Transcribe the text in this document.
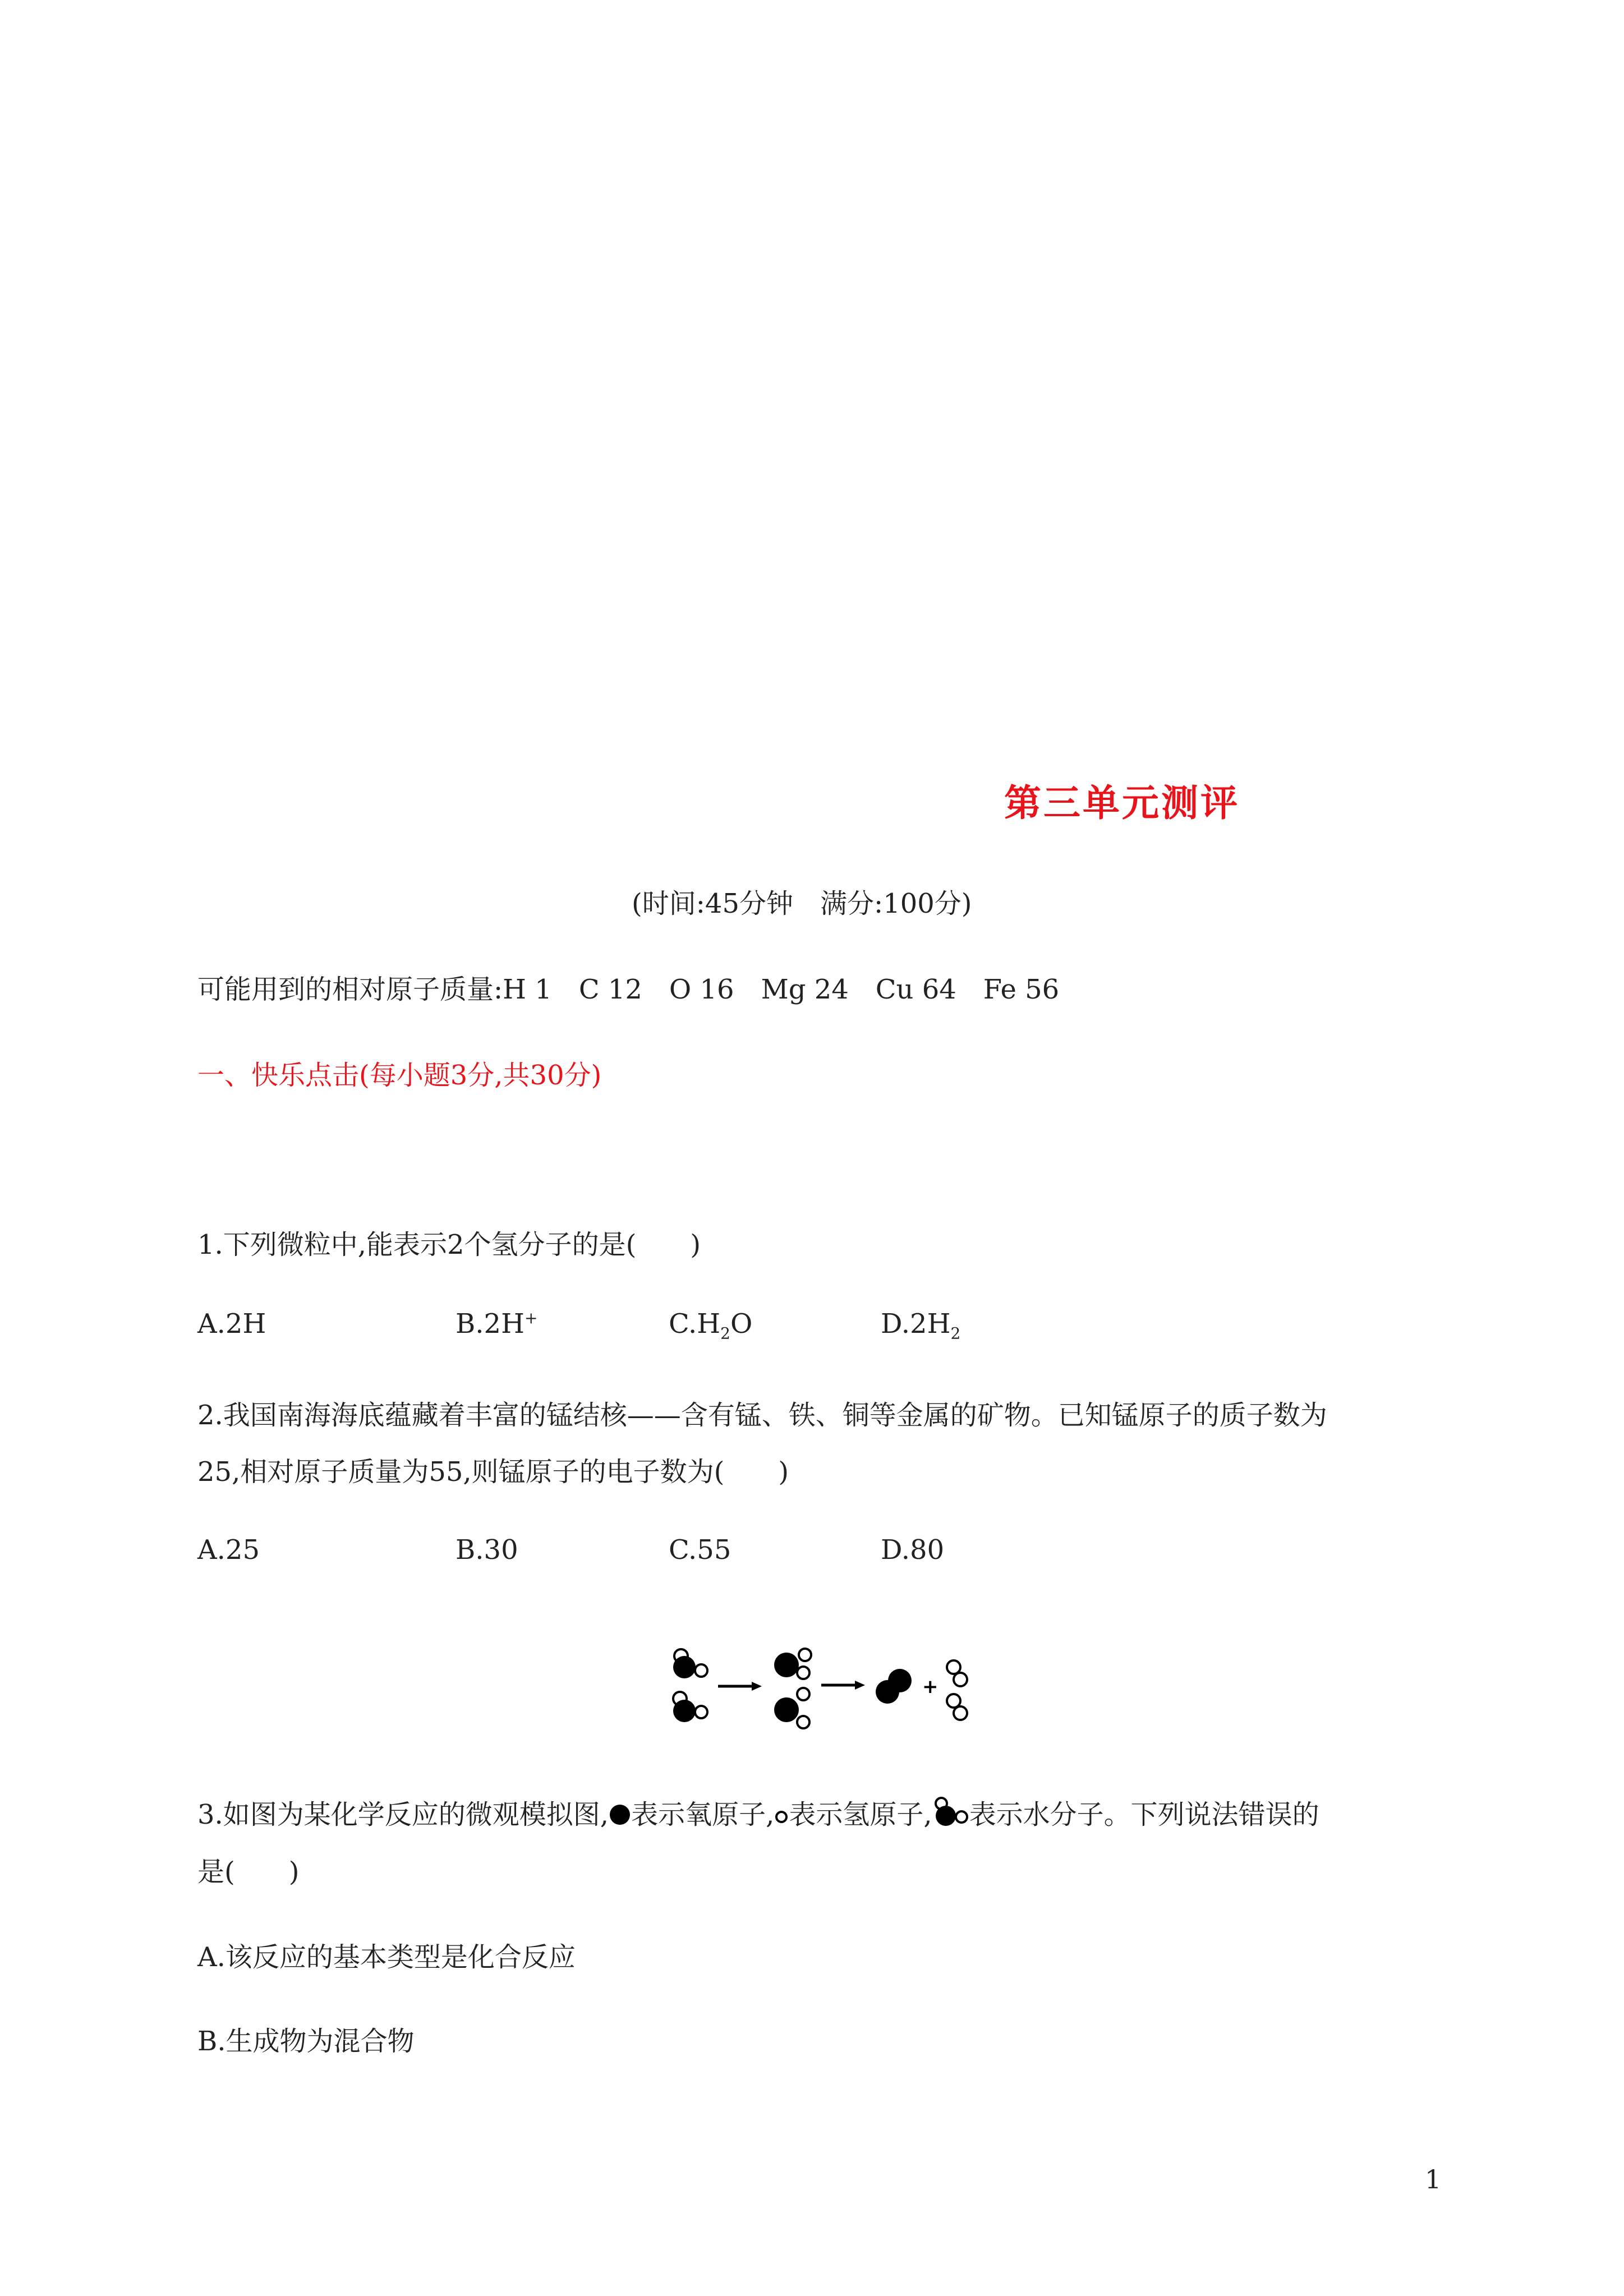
第三单元测评
(时间:45分钟　满分:100分)
可能用到的相对原子质量:H 1　C 12　O 16　Mg 24　Cu 64　Fe 56
一、快乐点击(每小题3分,共30分)
1.下列微粒中,能表示2个氢分子的是(　　)
A.2H	B.2H+	$C.H_2O$	$D.2H_2$
2.我国南海海底蕴藏着丰富的锰结核——含有锰、铁、铜等金属的矿物。已知锰原子的质子数为
25,相对原子质量为55,则锰原子的电子数为(　　)
A.25	B.30	C.55	D.80
+
3.如图为某化学反应的微观模拟图, 表示氧原子, 表示氢原子, 表示水分子。下列说法错误的
是(　　)
A.该反应的基本类型是化合反应
B.生成物为混合物
1
